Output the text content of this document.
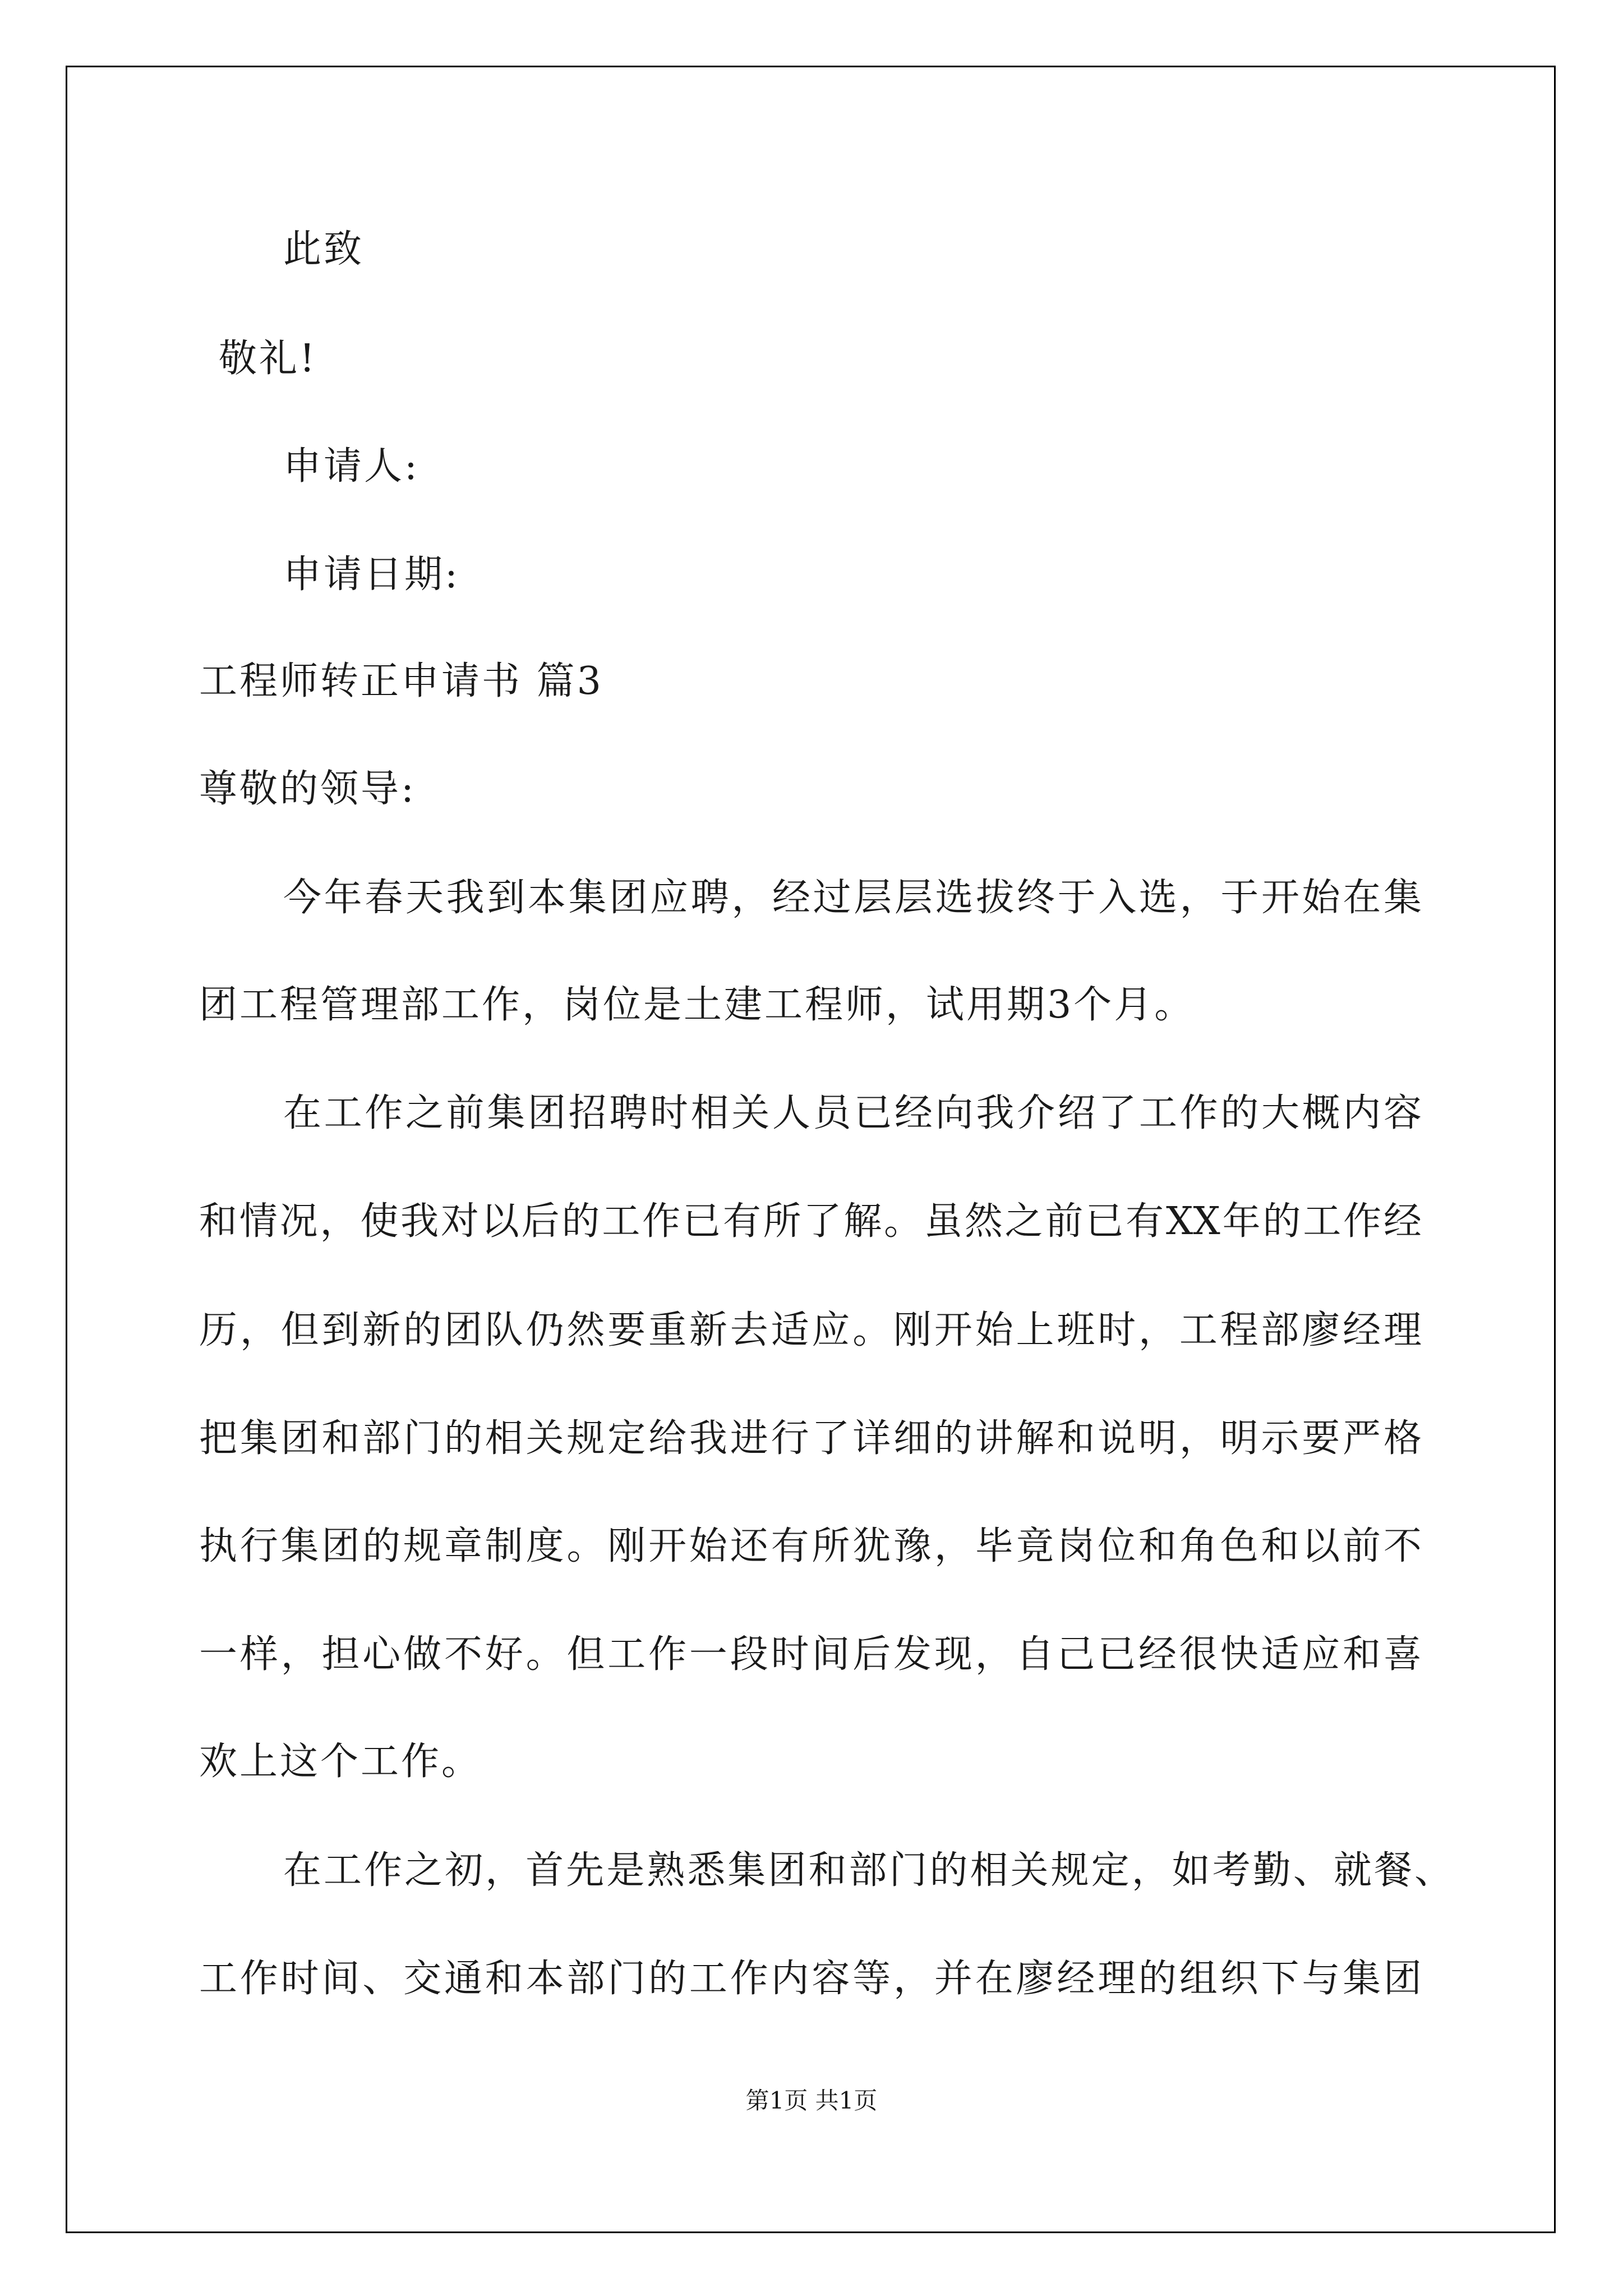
此致
敬礼!
申请人:
申请日期:
工程师转正申请书 篇3
尊敬的领导:
今年春天我到本集团应聘，经过层层选拔终于入选，于开始在集
团工程管理部工作，岗位是土建工程师，试用期3个月。
在工作之前集团招聘时相关人员已经向我介绍了工作的大概内容
和情况，使我对以后的工作已有所了解。虽然之前已有XX年的工作经
历，但到新的团队仍然要重新去适应。刚开始上班时，工程部廖经理
把集团和部门的相关规定给我进行了详细的讲解和说明，明示要严格
执行集团的规章制度。刚开始还有所犹豫，毕竟岗位和角色和以前不
一样，担心做不好。但工作一段时间后发现，自己已经很快适应和喜
欢上这个工作。
在工作之初，首先是熟悉集团和部门的相关规定，如考勤、就餐、
工作时间、交通和本部门的工作内容等，并在廖经理的组织下与集团
第1页 共1页
